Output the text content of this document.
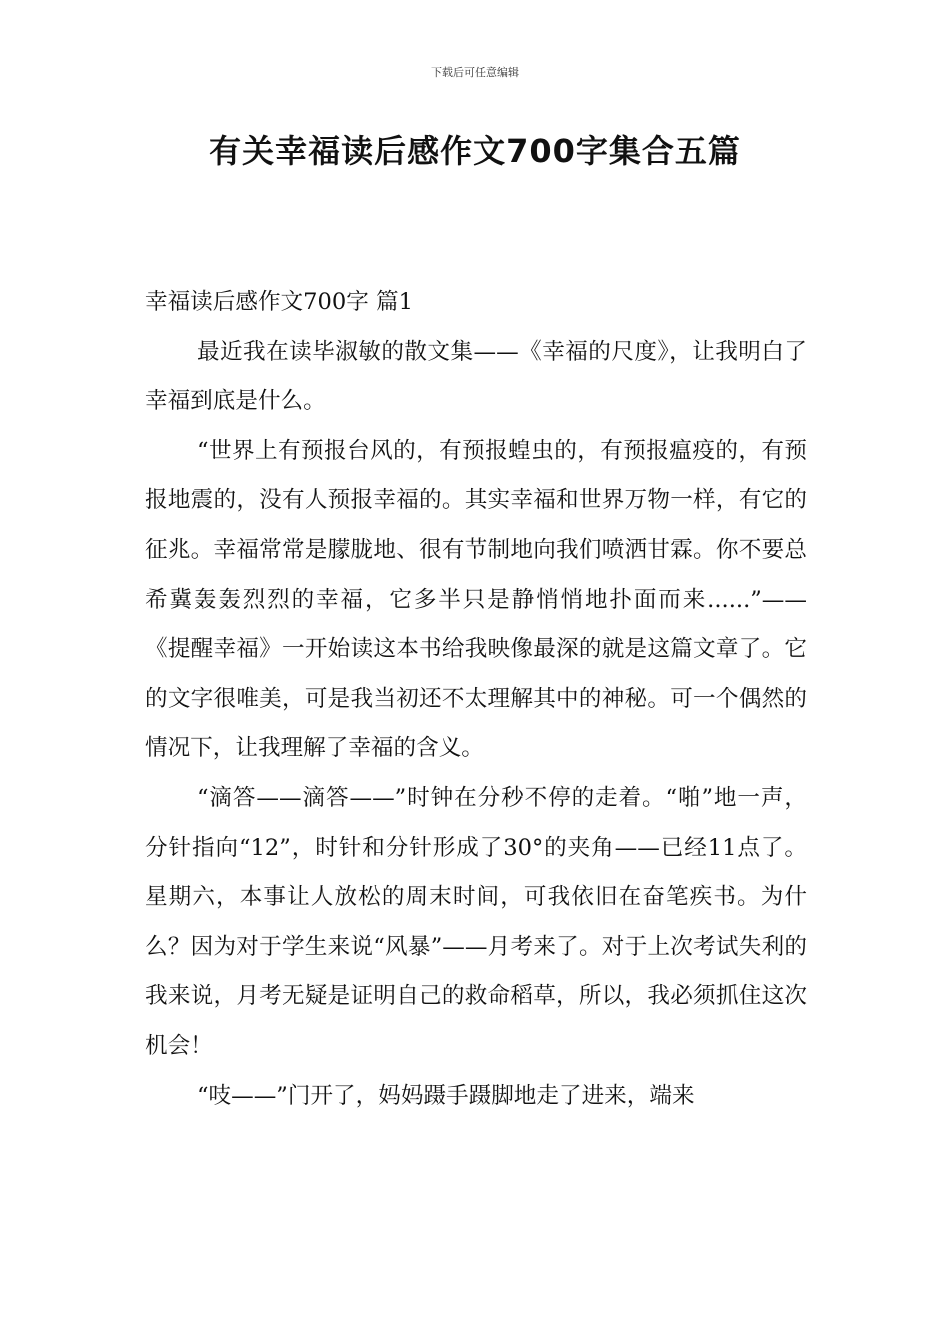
下载后可任意编辑
有关幸福读后感作文700字集合五篇

幸福读后感作文700字 篇1

最近我在读毕淑敏的散文集——《幸福的尺度》，让我明白了幸福到底是什么。

“世界上有预报台风的，有预报蝗虫的，有预报瘟疫的，有预报地震的，没有人预报幸福的。其实幸福和世界万物一样，有它的征兆。幸福常常是朦胧地、很有节制地向我们喷洒甘霖。你不要总希冀轰轰烈烈的幸福，它多半只是静悄悄地扑面而来......”——《提醒幸福》一开始读这本书给我映像最深的就是这篇文章了。它的文字很唯美，可是我当初还不太理解其中的神秘。可一个偶然的情况下，让我理解了幸福的含义。

“滴答——滴答——”时钟在分秒不停的走着。“啪”地一声，分针指向“12”，时针和分针形成了30°的夹角——已经11点了。星期六，本事让人放松的周末时间，可我依旧在奋笔疾书。为什么？因为对于学生来说“风暴”——月考来了。对于上次考试失利的我来说，月考无疑是证明自己的救命稻草，所以，我必须抓住这次机会！

“吱——”门开了，妈妈蹑手蹑脚地走了进来，端来
